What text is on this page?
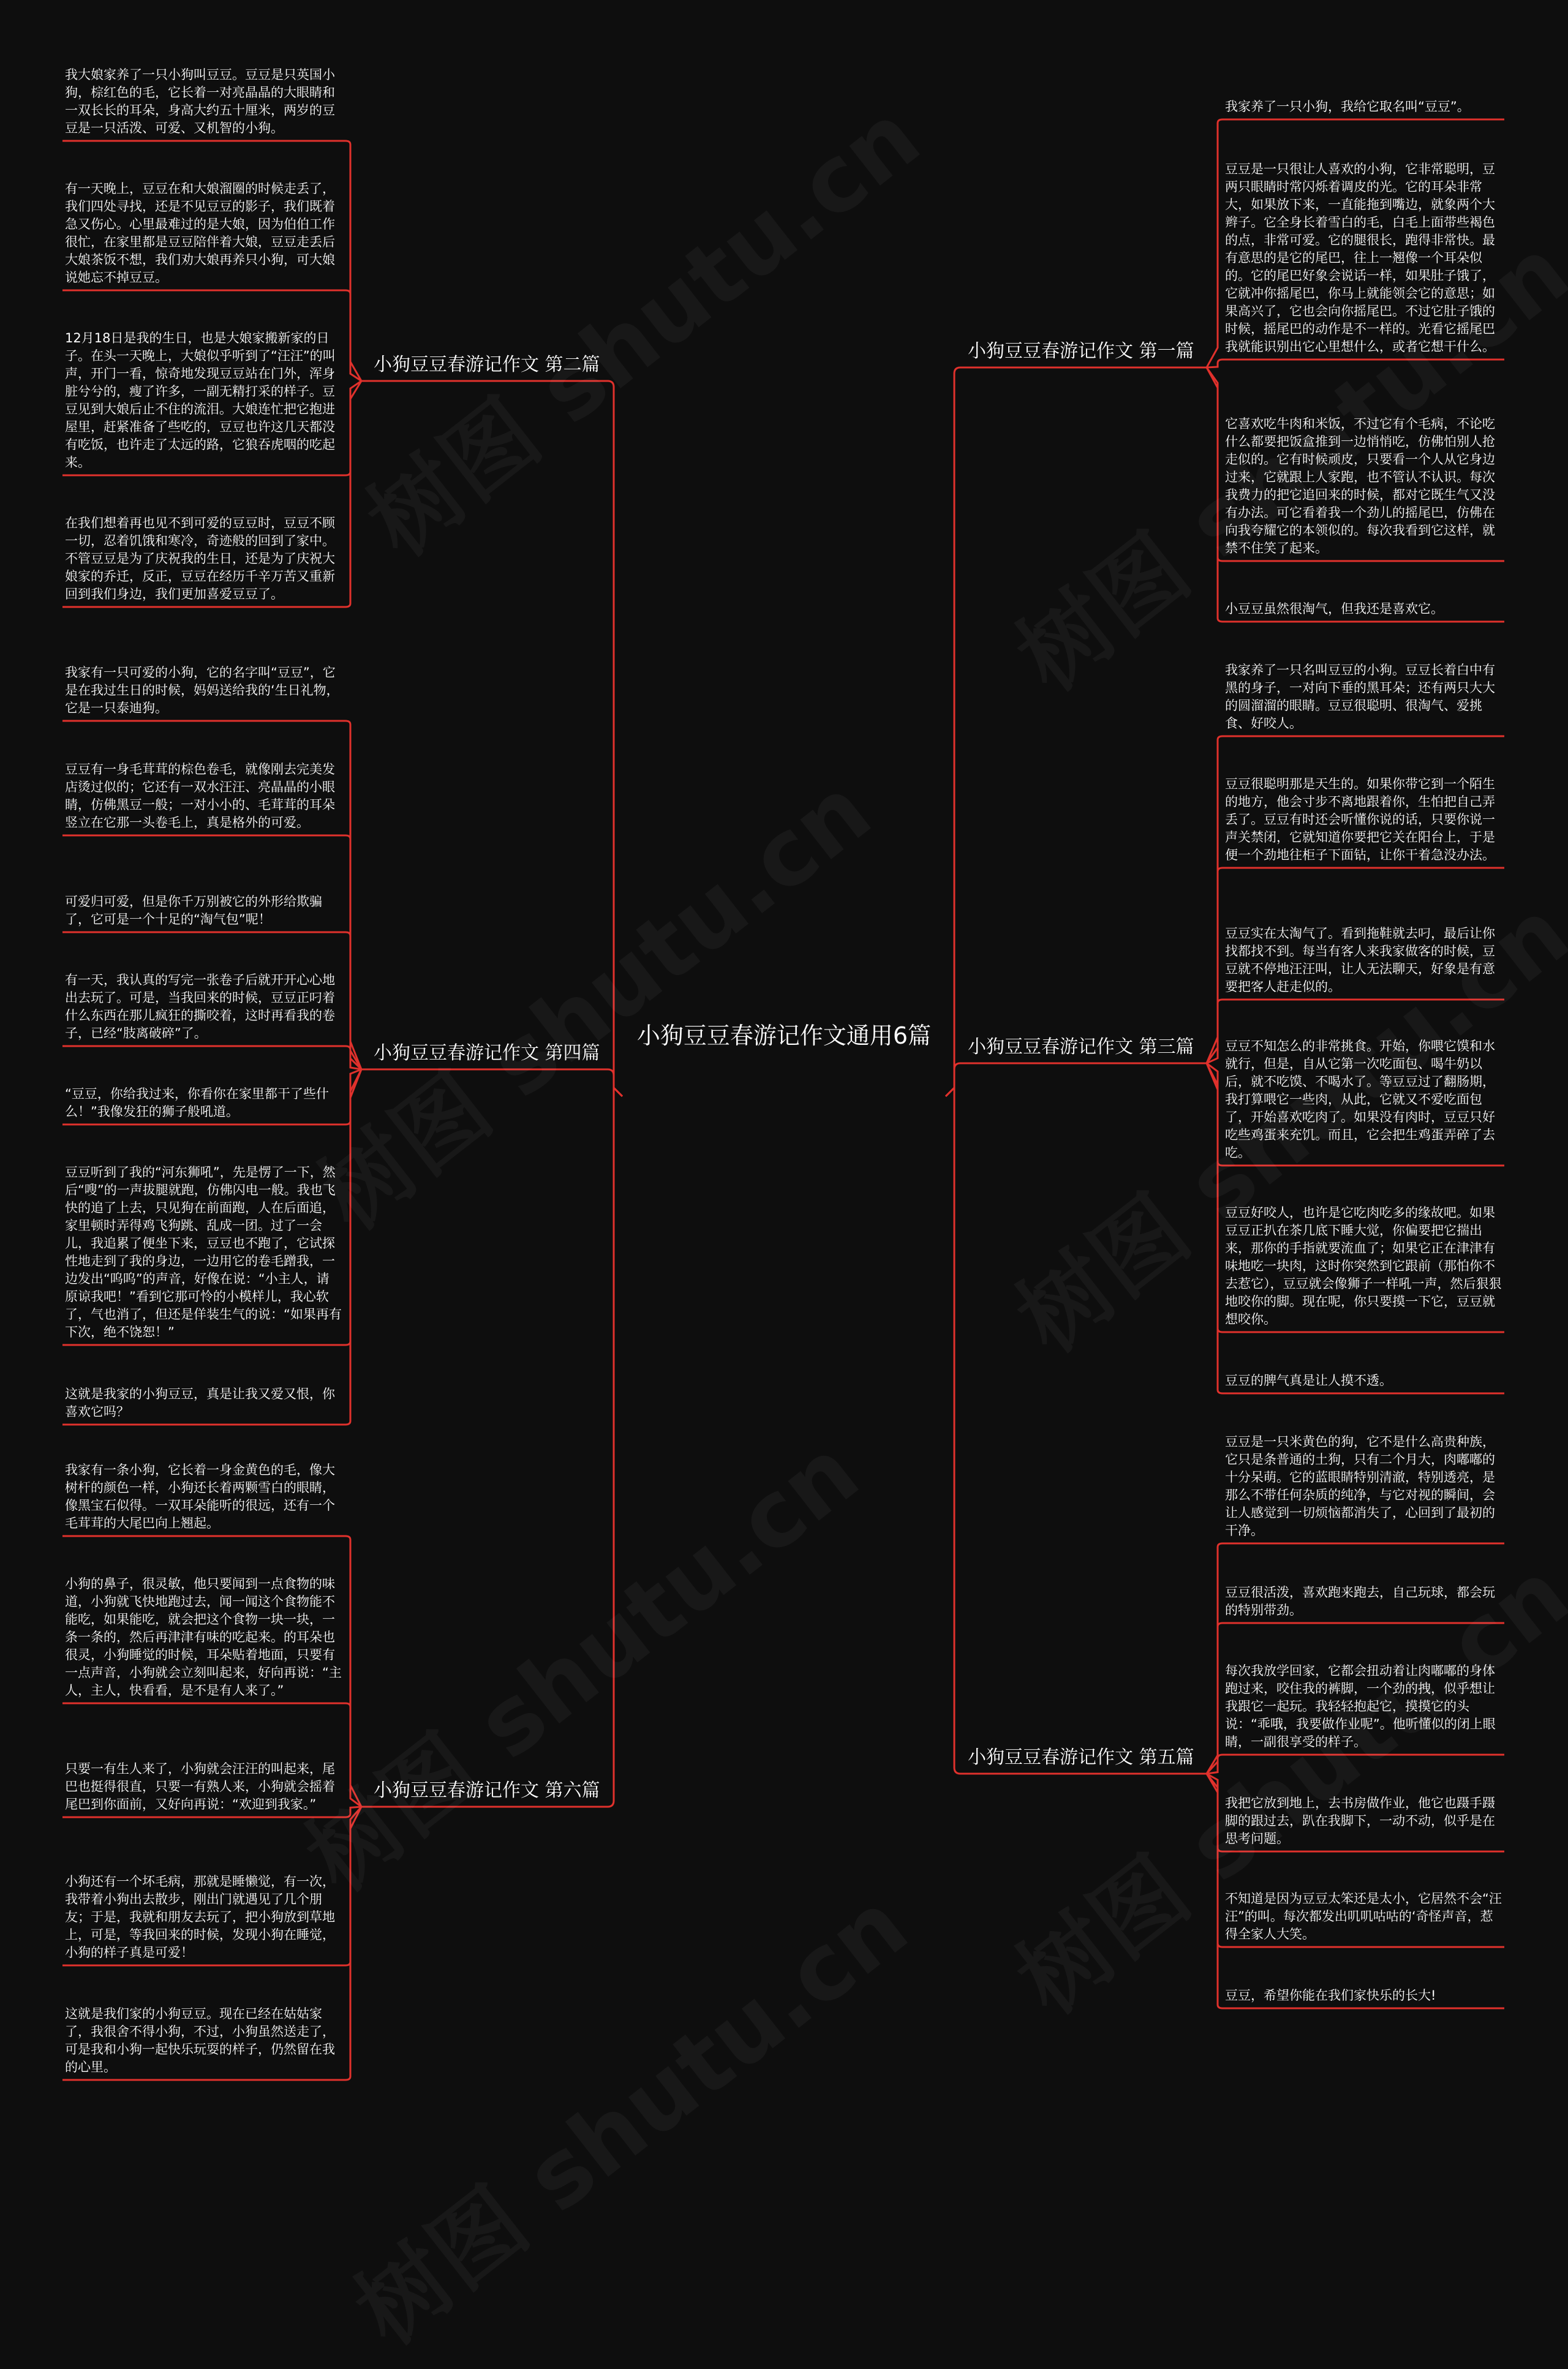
小狗豆豆春游记作文通用6篇
小狗豆豆春游记作文 第一篇
小狗豆豆春游记作文 第二篇
小狗豆豆春游记作文 第三篇
小狗豆豆春游记作文 第四篇
小狗豆豆春游记作文 第五篇
小狗豆豆春游记作文 第六篇
我家养了一只小狗，我给它取名叫“豆豆”。
豆豆是一只很让人喜欢的小狗，它非常聪明，豆两只眼睛时常闪烁着调皮的光。它的耳朵非常大，如果放下来，一直能拖到嘴边，就象两个大辫子。它全身长着雪白的毛，白毛上面带些褐色的点，非常可爱。它的腿很长，跑得非常快。最有意思的是它的尾巴，往上一翘像一个耳朵似的。它的尾巴好象会说话一样，如果肚子饿了，它就冲你摇尾巴，你马上就能领会它的意思；如果高兴了，它也会向你摇尾巴。不过它肚子饿的时候，摇尾巴的动作是不一样的。光看它摇尾巴我就能识别出它心里想什么，或者它想干什么。
它喜欢吃牛肉和米饭，不过它有个毛病，不论吃什么都要把饭盒推到一边悄悄吃，仿佛怕别人抢走似的。它有时候顽皮，只要看一个人从它身边过来，它就跟上人家跑，也不管认不认识。每次我费力的把它追回来的时候，都对它既生气又没有办法。可它看着我一个劲儿的摇尾巴，仿佛在向我夸耀它的本领似的。每次我看到它这样，就禁不住笑了起来。
小豆豆虽然很淘气，但我还是喜欢它。
我大娘家养了一只小狗叫豆豆。豆豆是只英国小狗，棕红色的毛，它长着一对亮晶晶的大眼睛和一双长长的耳朵，身高大约五十厘米，两岁的豆豆是一只活泼、可爱、又机智的小狗。
有一天晚上，豆豆在和大娘溜圈的时候走丢了，我们四处寻找，还是不见豆豆的影子，我们既着急又伤心。心里最难过的是大娘，因为伯伯工作很忙，在家里都是豆豆陪伴着大娘，豆豆走丢后大娘茶饭不想，我们劝大娘再养只小狗，可大娘说她忘不掉豆豆。
12月18日是我的生日，也是大娘家搬新家的日子。在头一天晚上，大娘似乎听到了“汪汪”的叫声，开门一看，惊奇地发现豆豆站在门外，浑身脏兮兮的，瘦了许多，一副无精打采的样子。豆豆见到大娘后止不住的流泪。大娘连忙把它抱进屋里，赶紧准备了些吃的，豆豆也许这几天都没有吃饭，也许走了太远的路，它狼吞虎咽的吃起来。
在我们想着再也见不到可爱的豆豆时，豆豆不顾一切，忍着饥饿和寒冷，奇迹般的回到了家中。不管豆豆是为了庆祝我的生日，还是为了庆祝大娘家的乔迁，反正，豆豆在经历千辛万苦又重新回到我们身边，我们更加喜爱豆豆了。
我家养了一只名叫豆豆的小狗。豆豆长着白中有黑的身子，一对向下垂的黑耳朵；还有两只大大的圆溜溜的眼睛。豆豆很聪明、很淘气、爱挑食、好咬人。
豆豆很聪明那是天生的。如果你带它到一个陌生的地方，他会寸步不离地跟着你，生怕把自己弄丢了。豆豆有时还会听懂你说的话，只要你说一声关禁闭，它就知道你要把它关在阳台上，于是便一个劲地往柜子下面钻，让你干着急没办法。
豆豆实在太淘气了。看到拖鞋就去叼，最后让你找都找不到。每当有客人来我家做客的时候，豆豆就不停地汪汪叫，让人无法聊天，好象是有意要把客人赶走似的。
豆豆不知怎么的非常挑食。开始，你喂它馍和水就行，但是，自从它第一次吃面包、喝牛奶以后，就不吃馍、不喝水了。等豆豆过了翻肠期，我打算喂它一些肉，从此，它就又不爱吃面包了，开始喜欢吃肉了。如果没有肉时，豆豆只好吃些鸡蛋来充饥。而且，它会把生鸡蛋弄碎了去吃。
豆豆好咬人，也许是它吃肉吃多的缘故吧。如果豆豆正扒在茶几底下睡大觉，你偏要把它揣出来，那你的手指就要流血了；如果它正在津津有味地吃一块肉，这时你突然到它跟前（那怕你不去惹它），豆豆就会像狮子一样吼一声，然后狠狠地咬你的脚。现在呢，你只要摸一下它，豆豆就想咬你。
豆豆的脾气真是让人摸不透。
我家有一只可爱的小狗，它的名字叫“豆豆”，它是在我过生日的时候，妈妈送给我的‘生日礼物，它是一只泰迪狗。
豆豆有一身毛茸茸的棕色卷毛，就像刚去完美发店烫过似的；它还有一双水汪汪、亮晶晶的小眼睛，仿佛黑豆一般；一对小小的、毛茸茸的耳朵竖立在它那一头卷毛上，真是格外的可爱。
可爱归可爱，但是你千万别被它的外形给欺骗了，它可是一个十足的“淘气包”呢！
有一天，我认真的写完一张卷子后就开开心心地出去玩了。可是，当我回来的时候，豆豆正叼着什么东西在那儿疯狂的撕咬着，这时再看我的卷子，已经“肢离破碎”了。
“豆豆，你给我过来，你看你在家里都干了些什么！”我像发狂的狮子般吼道。
豆豆听到了我的“河东狮吼”，先是愣了一下，然后“嗖”的一声拔腿就跑，仿佛闪电一般。我也飞快的追了上去，只见狗在前面跑，人在后面追，家里顿时弄得鸡飞狗跳、乱成一团。过了一会儿，我追累了便坐下来，豆豆也不跑了，它试探性地走到了我的身边，一边用它的卷毛蹭我，一边发出“呜呜”的声音，好像在说：“小主人，请原谅我吧！”看到它那可怜的小模样儿，我心软了，气也消了，但还是佯装生气的说：“如果再有下次，绝不饶恕！”
这就是我家的小狗豆豆，真是让我又爱又恨，你喜欢它吗？
豆豆是一只米黄色的狗，它不是什么高贵种族，它只是条普通的土狗，只有二个月大，肉嘟嘟的十分呆萌。它的蓝眼睛特别清澈，特别透亮，是那么不带任何杂质的纯净，与它对视的瞬间，会让人感觉到一切烦恼都消失了，心回到了最初的干净。
豆豆很活泼，喜欢跑来跑去，自己玩球，都会玩的特别带劲。
每次我放学回家，它都会扭动着让肉嘟嘟的身体跑过来，咬住我的裤脚，一个劲的拽，似乎想让我跟它一起玩。我轻轻抱起它，摸摸它的头说：“乖哦，我要做作业呢”。他听懂似的闭上眼睛，一副很享受的样子。
我把它放到地上，去书房做作业，他它也蹑手蹑脚的跟过去，趴在我脚下，一动不动，似乎是在思考问题。
不知道是因为豆豆太笨还是太小，它居然不会“汪汪”的叫。每次都发出叽叽咕咕的‘奇怪声音，惹得全家人大笑。
豆豆，希望你能在我们家快乐的长大!
我家有一条小狗，它长着一身金黄色的毛，像大树杆的颜色一样，小狗还长着两颗雪白的眼睛，像黑宝石似得。一双耳朵能听的很远，还有一个毛茸茸的大尾巴向上翘起。
小狗的鼻子，很灵敏，他只要闻到一点食物的味道，小狗就飞快地跑过去，闻一闻这个食物能不能吃，如果能吃，就会把这个食物一块一块，一条一条的，然后再津津有味的吃起来。的耳朵也很灵，小狗睡觉的时候，耳朵贴着地面，只要有一点声音，小狗就会立刻叫起来，好向再说：“主人，主人，快看看，是不是有人来了。”
只要一有生人来了，小狗就会汪汪的叫起来，尾巴也挺得很直，只要一有熟人来，小狗就会摇着尾巴到你面前，又好向再说：“欢迎到我家。”
小狗还有一个坏毛病，那就是睡懒觉，有一次，我带着小狗出去散步，刚出门就遇见了几个朋友；于是，我就和朋友去玩了，把小狗放到草地上，可是，等我回来的时候，发现小狗在睡觉，小狗的样子真是可爱！
这就是我们家的小狗豆豆。现在已经在姑姑家了，我很舍不得小狗，不过，小狗虽然送走了，可是我和小狗一起快乐玩耍的样子，仍然留在我的心里。
